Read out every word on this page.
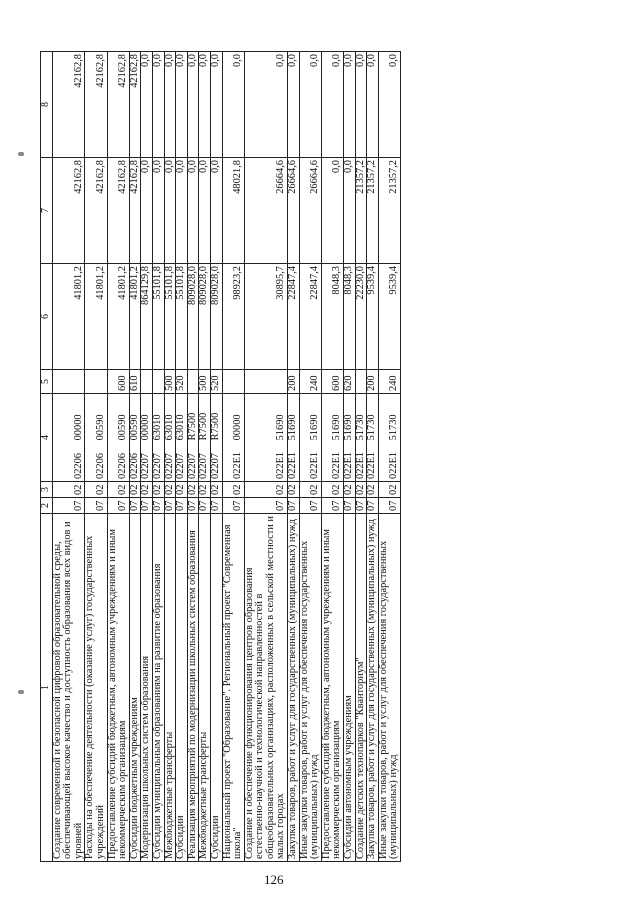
126
1	2	3	4	5	6	7	8
Создание современной и безопасной цифровой образовательной среды, обеспечивающей высокое качество и доступность образования всех видов и уровней	07	02	02206 00000		41801,2	42162,8	42162,8
Расходы на обеспечение деятельности (оказание услуг) государственных учреждений	07	02	02206 00590		41801,2	42162,8	42162,8
Предоставление субсидий бюджетным, автономным учреждениям и иным некоммерческим организациям	07	02	02206 00590	600	41801,2	42162,8	42162,8
Субсидии бюджетным учреждениям	07	02	02206 00590	610	41801,2	42162,8	42162,8
Модернизация школьных систем образования	07	02	02207 00000		864129,8	0,0	0,0
Субсидии муниципальным образованиям на развитие образования	07	02	02207 63010		55101,8	0,0	0,0
Межбюджетные трансферты	07	02	02207 63010	500	55101,8	0,0	0,0
Субсидии	07	02	02207 63010	520	55101,8	0,0	0,0
Реализация мероприятий по модернизации школьных систем образования	07	02	02207 R7500		809028,0	0,0	0,0
Межбюджетные трансферты	07	02	02207 R7500	500	809028,0	0,0	0,0
Субсидии	07	02	02207 R7500	520	809028,0	0,0	0,0
Национальный проект "Образование". Региональный проект "Современная школа"	07	02	022E1 00000		98923,2	48021,8	0,0
Создание и обеспечение функционирования центров образования естественно-научной и технологической направленностей в общеобразовательных организациях, расположенных в сельской местности и малых городах	07	02	022E1 51690		30895,7	26664,6	0,0
Закупка товаров, работ и услуг для государственных (муниципальных) нужд	07	02	022E1 51690	200	22847,4	26664,6	0,0
Иные закупки товаров, работ и услуг для обеспечения государственных (муниципальных) нужд	07	02	022E1 51690	240	22847,4	26664,6	0,0
Предоставление субсидий бюджетным, автономным учреждениям и иным некоммерческим организациям	07	02	022E1 51690	600	8048,3	0,0	0,0
Субсидии автономным учреждениям	07	02	022E1 51690	620	8048,3	0,0	0,0
Создание детских технопарков "Кванториум"	07	02	022E1 51730		22230,0	21357,2	0,0
Закупка товаров, работ и услуг для государственных (муниципальных) нужд	07	02	022E1 51730	200	9539,4	21357,2	0,0
Иные закупки товаров, работ и услуг для обеспечения государственных (муниципальных) нужд	07	02	022E1 51730	240	9539,4	21357,2	0,0
